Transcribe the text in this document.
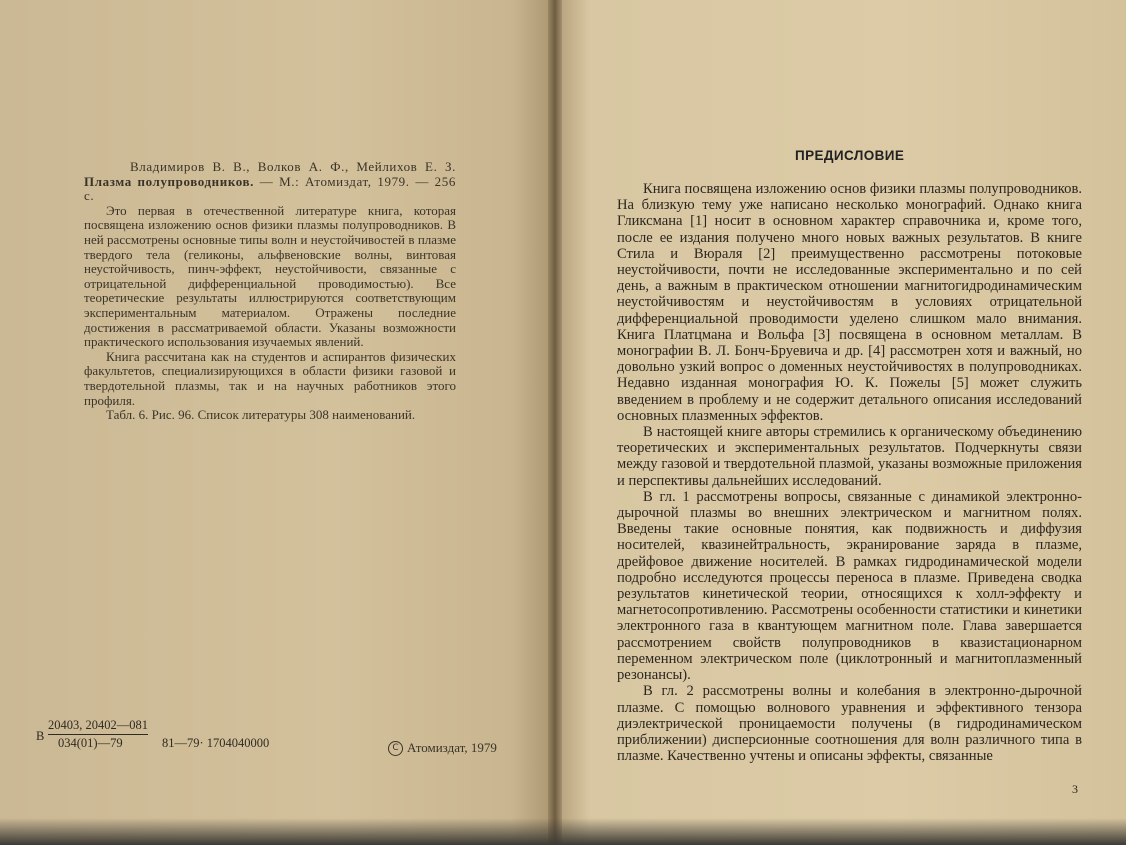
Владимиров В. В., Волков А. Ф., Мейлихов Е. З. Плазма полупроводников. — М.: Атомиздат, 1979. — 256 с.

Это первая в отечественной литературе книга, которая посвящена изложению основ физики плазмы полупроводников. В ней рассмотрены основные типы волн и неустойчивостей в плазме твердого тела (геликоны, альфвеновские волны, винтовая неустойчивость, пинч-эффект, неустойчивости, связанные с отрицательной дифференциальной проводимостью). Все теоретические результаты иллюстрируются соответствующим экспериментальным материалом. Отражены последние достижения в рассматриваемой области. Указаны возможности практического использования изучаемых явлений.

Книга рассчитана как на студентов и аспирантов физических факультетов, специализирующихся в области физики газовой и твердотельной плазмы, так и на научных работников этого профиля.

Табл. 6. Рис. 96. Список литературы 308 наименований.

В
20403, 20402—081
034(01)—79	81—79· 1704040000	C Атомиздат, 1979
ПРЕДИСЛОВИЕ

Книга посвящена изложению основ физики плазмы полупроводников. На близкую тему уже написано несколько монографий. Однако книга Гликсмана [1] носит в основном характер справочника и, кроме того, после ее издания получено много новых важных результатов. В книге Стила и Вюраля [2] преимущественно рассмотрены потоковые неустойчивости, почти не исследованные экспериментально и по сей день, а важным в практическом отношении магнитогидродинамическим неустойчивостям и неустойчивостям в условиях отрицательной дифференциальной проводимости уделено слишком мало внимания. Книга Платцмана и Вольфа [3] посвящена в основном металлам. В монографии В. Л. Бонч-Бруевича и др. [4] рассмотрен хотя и важный, но довольно узкий вопрос о доменных неустойчивостях в полупроводниках. Недавно изданная монография Ю. К. Пожелы [5] может служить введением в проблему и не содержит детального описания исследований основных плазменных эффектов.

В настоящей книге авторы стремились к органическому объединению теоретических и экспериментальных результатов. Подчеркнуты связи между газовой и твердотельной плазмой, указаны возможные приложения и перспективы дальнейших исследований.

В гл. 1 рассмотрены вопросы, связанные с динамикой электронно-дырочной плазмы во внешних электрическом и магнитном полях. Введены такие основные понятия, как подвижность и диффузия носителей, квазинейтральность, экранирование заряда в плазме, дрейфовое движение носителей. В рамках гидродинамической модели подробно исследуются процессы переноса в плазме. Приведена сводка результатов кинетической теории, относящихся к холл-эффекту и магнетосопротивлению. Рассмотрены особенности статистики и кинетики электронного газа в квантующем магнитном поле. Глава завершается рассмотрением свойств полупроводников в квазистационарном переменном электрическом поле (циклотронный и магнитоплазменный резонансы).

В гл. 2 рассмотрены волны и колебания в электронно-дырочной плазме. С помощью волнового уравнения и эффективного тензора диэлектрической проницаемости получены (в гидродинамическом приближении) дисперсионные соотношения для волн различного типа в плазме. Качественно учтены и описаны эффекты, связанные

3
